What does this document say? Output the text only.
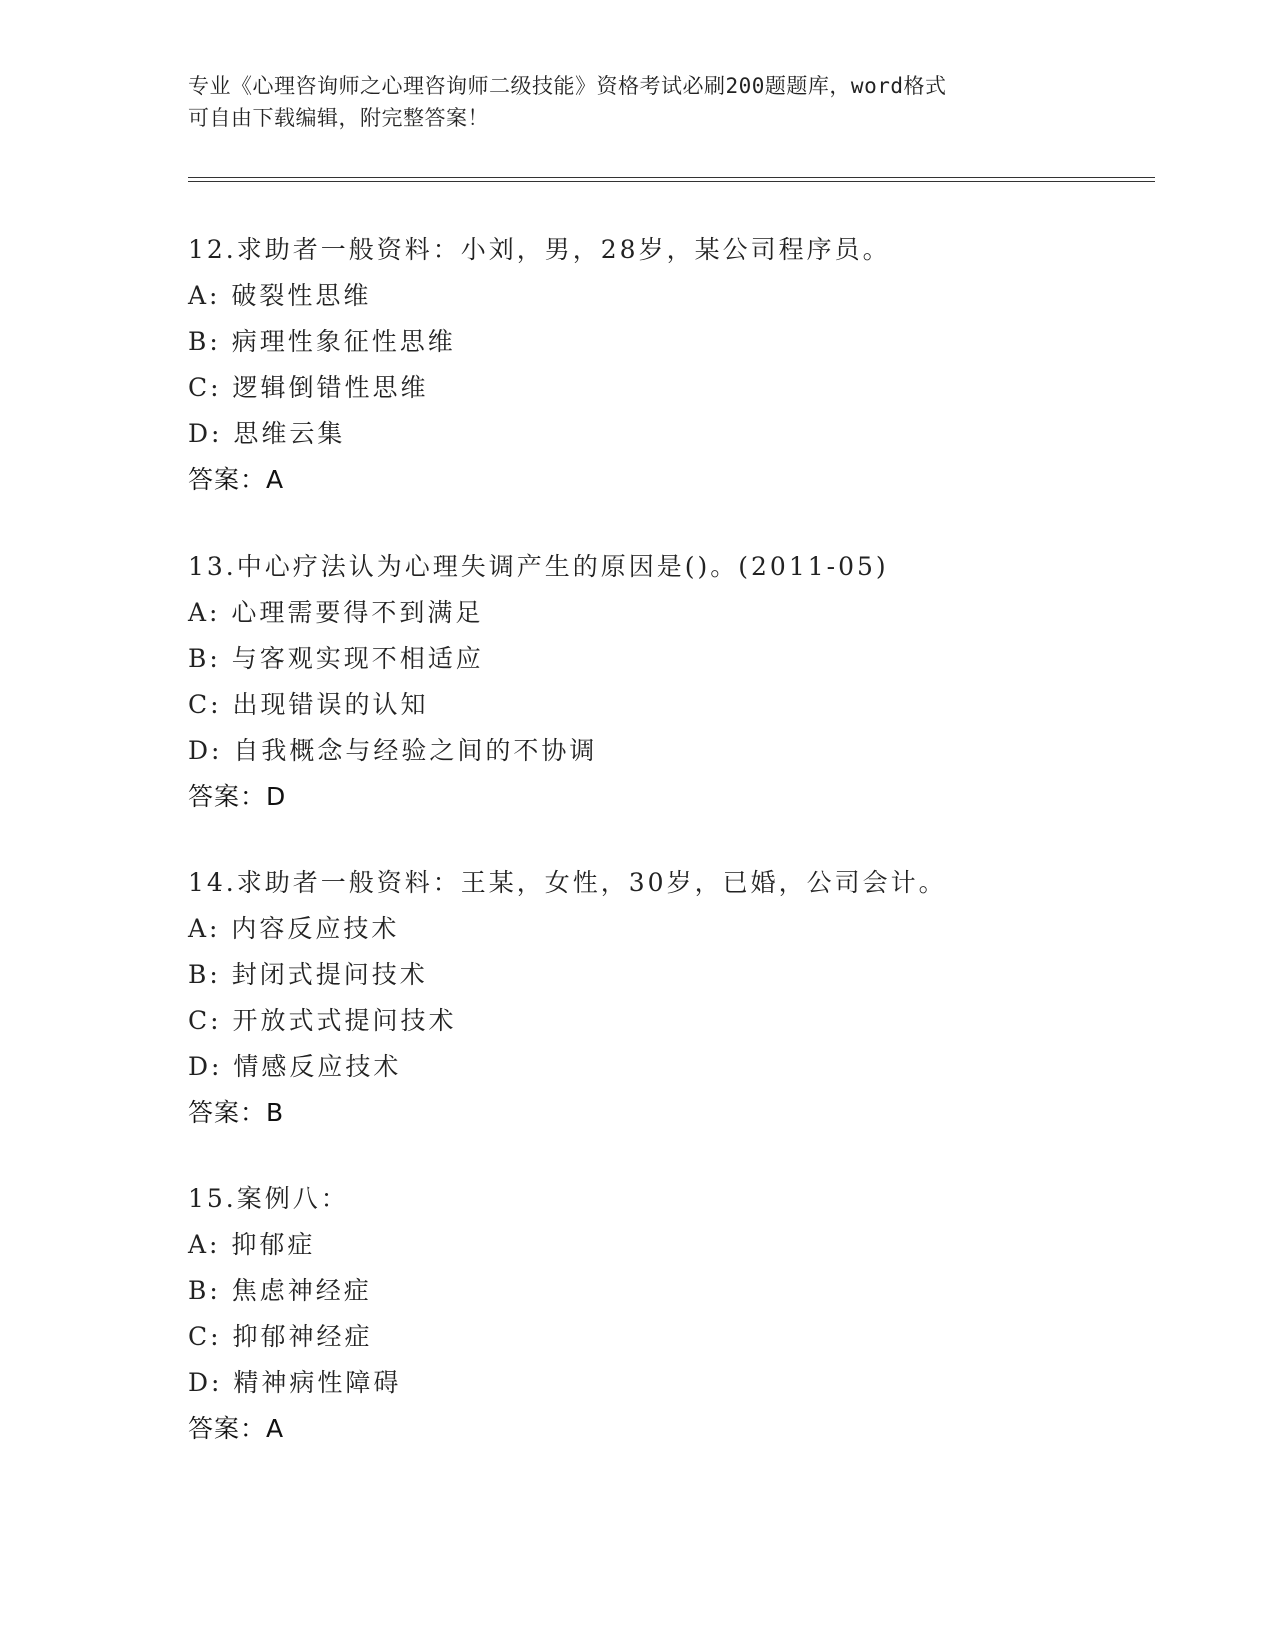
专业《心理咨询师之心理咨询师二级技能》资格考试必刷200题题库，word格式
可自由下载编辑，附完整答案！
12.求助者一般资料：小刘，男，28岁，某公司程序员。
A: 破裂性思维
B: 病理性象征性思维
C: 逻辑倒错性思维
D: 思维云集
答案：A
13.中心疗法认为心理失调产生的原因是()。(2011-05)
A: 心理需要得不到满足
B: 与客观实现不相适应
C: 出现错误的认知
D: 自我概念与经验之间的不协调
答案：D
14.求助者一般资料：王某，女性，30岁，已婚，公司会计。
A: 内容反应技术
B: 封闭式提问技术
C: 开放式式提问技术
D: 情感反应技术
答案：B
15.案例八：
A: 抑郁症
B: 焦虑神经症
C: 抑郁神经症
D: 精神病性障碍
答案：A
